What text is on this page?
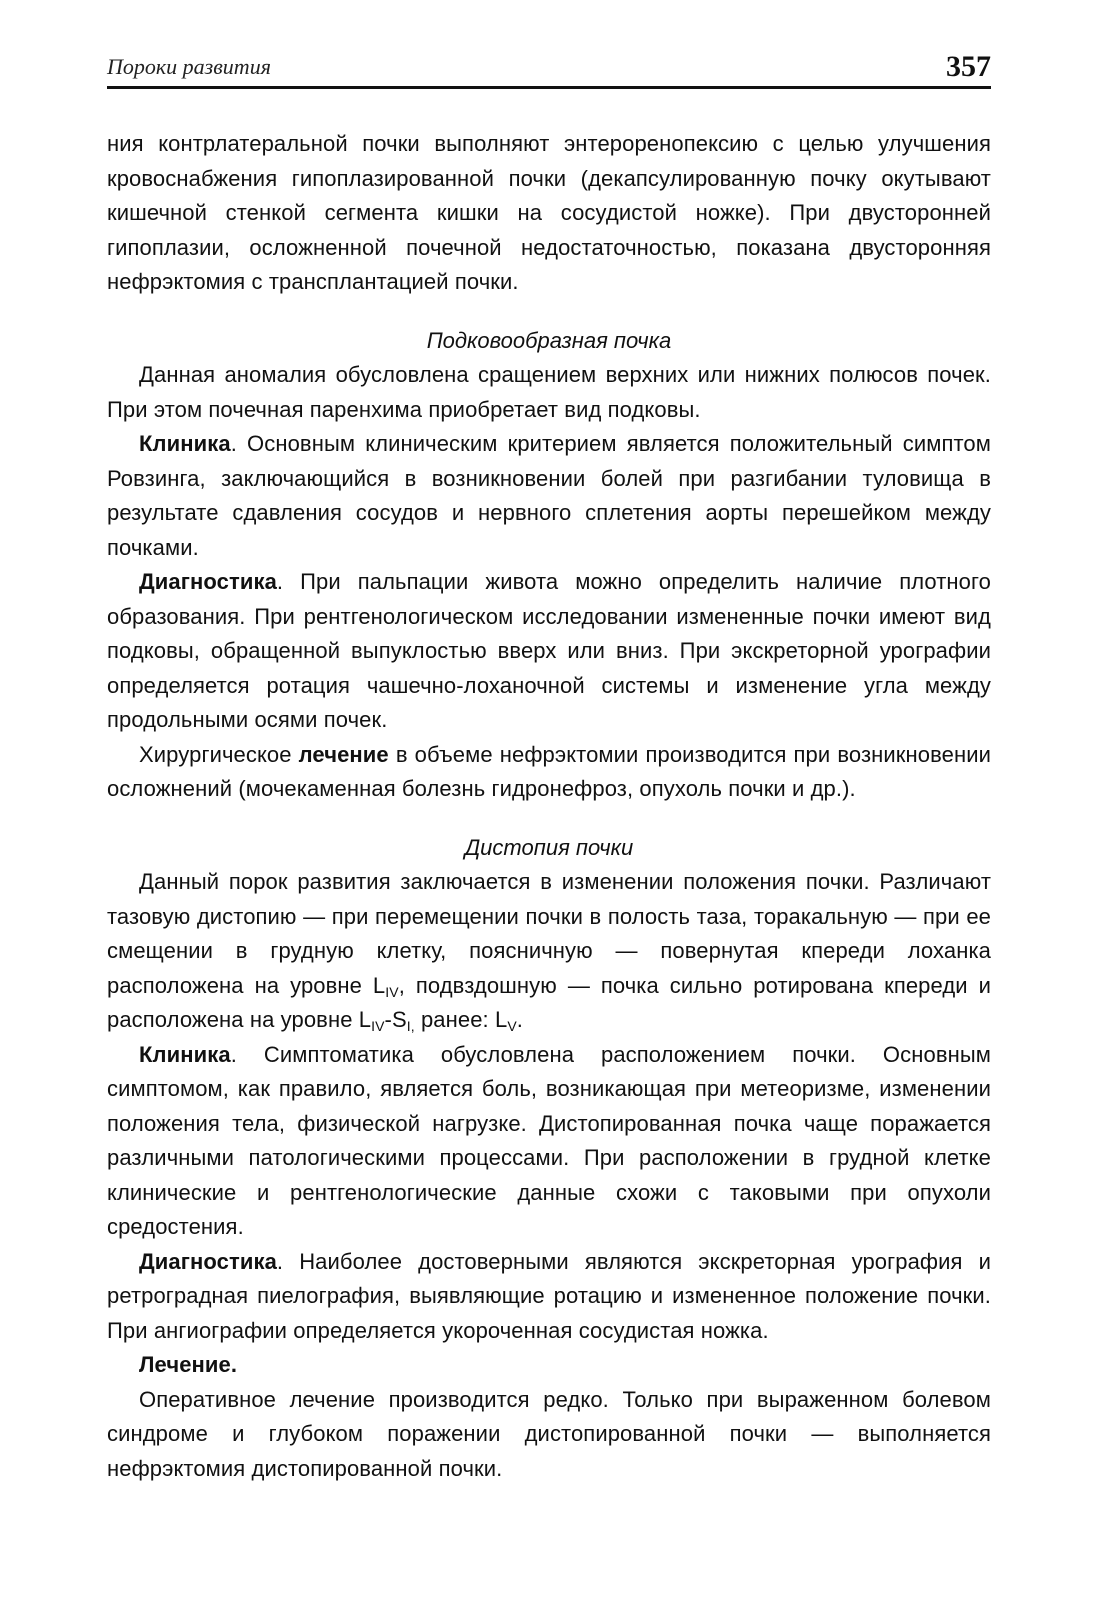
Пороки развития	357

ния контрлатеральной почки выполняют энтероренопексию с целью улучшения кровоснабжения гипоплазированной почки (декапсулированную почку окутывают кишечной стенкой сегмента кишки на сосудистой ножке). При двусторонней гипоплазии, осложненной почечной недостаточностью, показана двусторонняя нефрэктомия с трансплантацией почки.

Подковообразная почка

Данная аномалия обусловлена сращением верхних или нижних полюсов почек. При этом почечная паренхима приобретает вид подковы.

Клиника. Основным клиническим критерием является положительный симптом Ровзинга, заключающийся в возникновении болей при разгибании туловища в результате сдавления сосудов и нервного сплетения аорты перешейком между почками.

Диагностика. При пальпации живота можно определить наличие плотного образования. При рентгенологическом исследовании измененные почки имеют вид подковы, обращенной выпуклостью вверх или вниз. При экскреторной урографии определяется ротация чашечно-лоханочной системы и изменение угла между продольными осями почек.

Хирургическое лечение в объеме нефрэктомии производится при возникновении осложнений (мочекаменная болезнь гидронефроз, опухоль почки и др.).

Дистопия почки

Данный порок развития заключается в изменении положения почки. Различают тазовую дистопию — при перемещении почки в полость таза, торакальную — при ее смещении в грудную клетку, поясничную — повернутая кпереди лоханка расположена на уровне $L_{IV}$, подвздошную — почка сильно ротирована кпереди и расположена на уровне $L_{IV}-S_{I,}$ ранее: $L_V$.

Клиника. Симптоматика обусловлена расположением почки. Основным симптомом, как правило, является боль, возникающая при метеоризме, изменении положения тела, физической нагрузке. Дистопированная почка чаще поражается различными патологическими процессами. При расположении в грудной клетке клинические и рентгенологические данные схожи с таковыми при опухоли средостения.

Диагностика. Наиболее достоверными являются экскреторная урография и ретроградная пиелография, выявляющие ротацию и измененное положение почки. При ангиографии определяется укороченная сосудистая ножка.

Лечение.

Оперативное лечение производится редко. Только при выраженном болевом синдроме и глубоком поражении дистопированной почки — выполняется нефрэктомия дистопированной почки.
